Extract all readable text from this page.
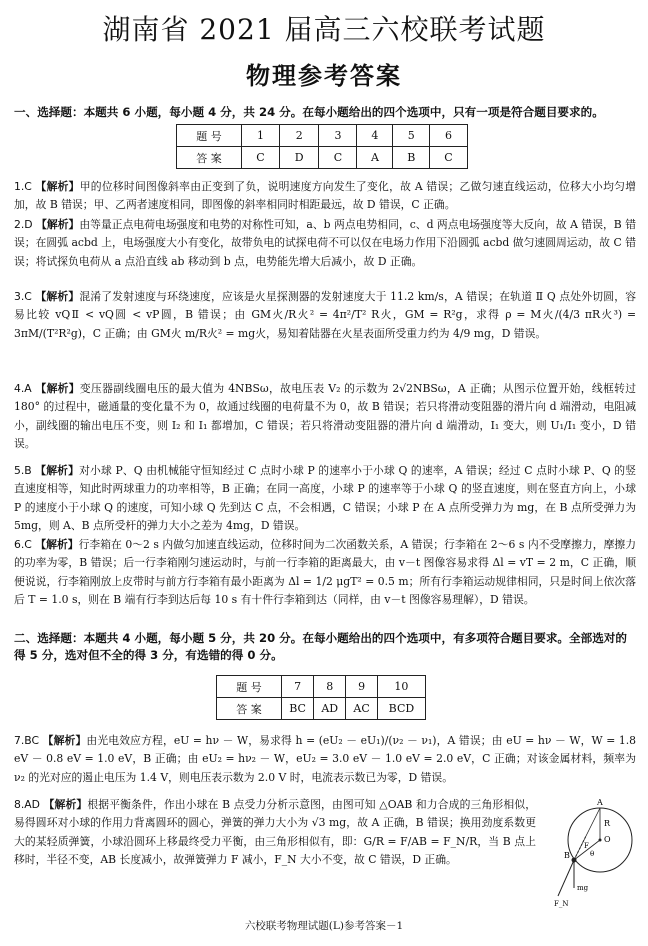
湖南省 2021 届高三六校联考试题
物理参考答案
一、选择题：本题共 6 小题，每小题 4 分，共 24 分。在每小题给出的四个选项中，只有一项是符合题目要求的。
题 号	1	2	3	4	5	6
答 案	C	D	C	A	B	C
1.C 【解析】甲的位移时间图像斜率由正变到了负，说明速度方向发生了变化，故 A 错误；乙做匀速直线运动，位移大小均匀增加，故 B 错误；甲、乙两者速度相同，即图像的斜率相同时相距最远，故 D 错误，C 正确。
2.D 【解析】由等量正点电荷电场强度和电势的对称性可知，a、b 两点电势相同，c、d 两点电场强度等大反向，故 A 错误，B 错误；在圆弧 acbd 上，电场强度大小有变化，故带负电的试探电荷不可以仅在电场力作用下沿圆弧 acbd 做匀速圆周运动，故 C 错误；将试探负电荷从 a 点沿直线 ab 移动到 b 点，电势能先增大后减小，故 D 正确。
3.C 【解析】混淆了发射速度与环绕速度，应该是火星探测器的发射速度大于 11.2 km/s，A 错误；在轨道 Ⅱ Q 点处外切圆，容易比较 vQⅡ < vQ圆 < vP圆，B 错误；由 GM火/R火² = 4π²/T² R火，GM = R²g，求得 ρ = M火/(4/3 πR火³) = 3πM/(T²R²g)，C 正确；由 GM火 m/R火² = mg火，易知着陆器在火星表面所受重力约为 4/9 mg，D 错误。
4.A 【解析】变压器副线圈电压的最大值为 4NBSω，故电压表 V₂ 的示数为 2√2NBSω，A 正确；从图示位置开始，线框转过 180° 的过程中，磁通量的变化量不为 0，故通过线圈的电荷量不为 0，故 B 错误；若只将滑动变阻器的滑片向 d 端滑动，电阻减小，副线圈的输出电压不变，则 I₂ 和 I₁ 都增加，C 错误；若只将滑动变阻器的滑片向 d 端滑动，I₁ 变大，则 U₁/I₁ 变小，D 错误。
5.B 【解析】对小球 P、Q 由机械能守恒知经过 C 点时小球 P 的速率小于小球 Q 的速率，A 错误；经过 C 点时小球 P、Q 的竖直速度相等，知此时两球重力的功率相等，B 正确；在同一高度，小球 P 的速率等于小球 Q 的竖直速度，则在竖直方向上，小球 P 的速度小于小球 Q 的速度，可知小球 Q 先到达 C 点，不会相遇，C 错误；小球 P 在 A 点所受弹力为 mg，在 B 点所受弹力为 5mg，则 A、B 点所受杆的弹力大小之差为 4mg，D 错误。
6.C 【解析】行李箱在 0～2 s 内做匀加速直线运动，位移时间为二次函数关系，A 错误；行李箱在 2～6 s 内不受摩擦力，摩擦力的功率为零，B 错误；后一行李箱刚匀速运动时，与前一行李箱的距离最大，由 v－t 图像容易求得 Δl = vT = 2 m，C 正确，顺便说说，行李箱刚放上皮带时与前方行李箱有最小距离为 Δl = 1/2 μgT² = 0.5 m；所有行李箱运动规律相同，只是时间上依次落后 T = 1.0 s，则在 B 端有行李到达后每 10 s 有十件行李箱到达（同样，由 v－t 图像容易理解），D 错误。
二、选择题：本题共 4 小题，每小题 5 分，共 20 分。在每小题给出的四个选项中，有多项符合题目要求。全部选对的得 5 分，选对但不全的得 3 分，有选错的得 0 分。
题 号	7	8	9	10
答 案	BC	AD	AC	BCD
7.BC 【解析】由光电效应方程，eU = hν － W，易求得 h = (eU₂ － eU₁)/(ν₂ － ν₁)，A 错误；由 eU = hν － W，W = 1.8 eV － 0.8 eV = 1.0 eV，B 正确；由 eU₂ = hν₂ － W，eU₂ = 3.0 eV － 1.0 eV = 2.0 eV，C 正确；对该金属材料，频率为 ν₂ 的光对应的遏止电压为 1.4 V，则电压表示数为 2.0 V 时，电流表示数已为零，D 错误。
8.AD 【解析】根据平衡条件，作出小球在 B 点受力分析示意图，由图可知 △OAB 和力合成的三角形相似，易得圆环对小球的作用力背离圆环的圆心，弹簧的弹力大小为 √3 mg，故 A 正确，B 错误；换用劲度系数更大的某轻质弹簧，小球沿圆环上移最终受力平衡，由三角形相似有，即：G/R = F/AB = F_N/R，当 B 点上移时，半径不变，AB 长度减小，故弹簧弹力 F 减小，F_N 大小不变，故 C 错误，D 正确。
A
O
R
B
mg
F_N
F
θ
六校联考物理试题(L)参考答案－1
